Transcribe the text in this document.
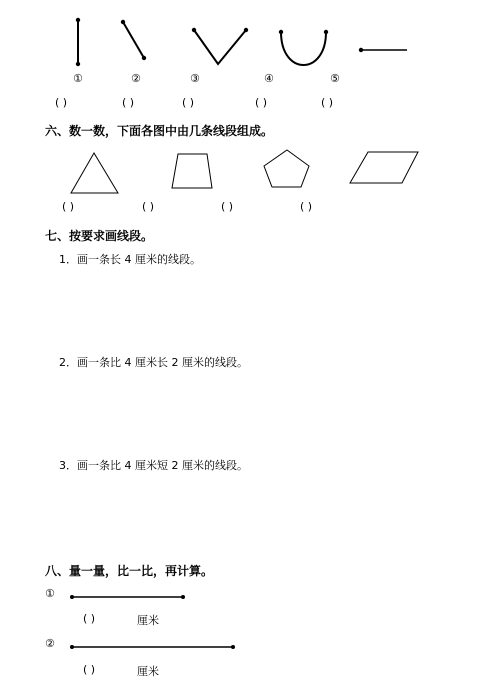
①	②	③	④	⑤
( )	( )	( )	( )	( )
六、数一数，下面各图中由几条线段组成。
( )	( )	( )	( )
七、按要求画线段。
1．画一条长 4 厘米的线段。
2．画一条比 4 厘米长 2 厘米的线段。
3．画一条比 4 厘米短 2 厘米的线段。
八、量一量，比一比，再计算。
①
( )	厘米
②
( )	厘米
